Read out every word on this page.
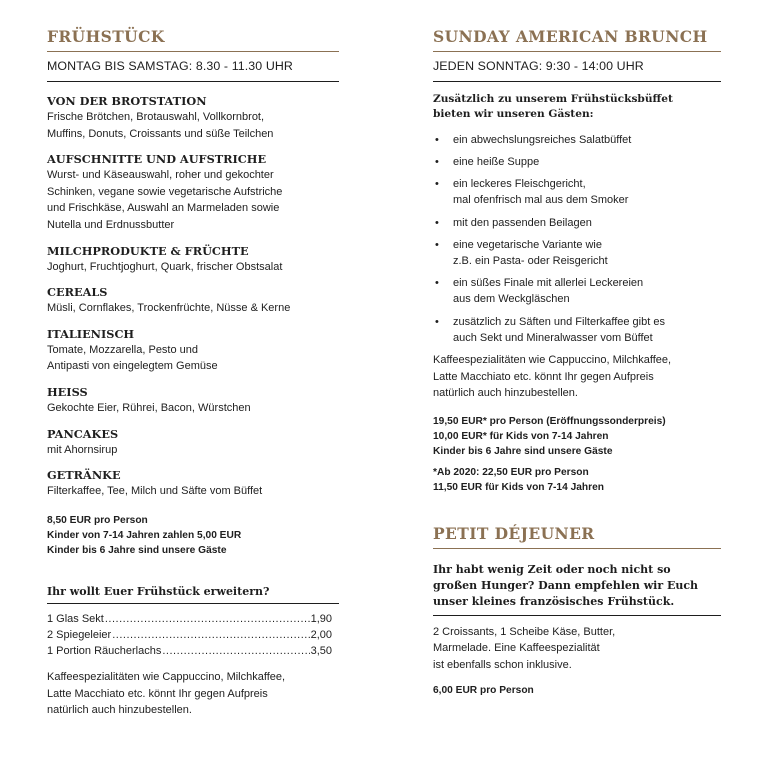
FRÜHSTÜCK
MONTAG BIS SAMSTAG: 8.30 - 11.30 UHR
VON DER BROTSTATION
Frische Brötchen, Brotauswahl, Vollkornbrot,
Muffins, Donuts, Croissants und süße Teilchen
AUFSCHNITTE UND AUFSTRICHE
Wurst- und Käseauswahl, roher und gekochter
Schinken, vegane sowie vegetarische Aufstriche
und Frischkäse, Auswahl an Marmeladen sowie
Nutella und Erdnussbutter
MILCHPRODUKTE & FRÜCHTE
Joghurt, Fruchtjoghurt, Quark, frischer Obstsalat
CEREALS
Müsli, Cornflakes, Trockenfrüchte, Nüsse & Kerne
ITALIENISCH
Tomate, Mozzarella, Pesto und
Antipasti von eingelegtem Gemüse
HEISS
Gekochte Eier, Rührei, Bacon, Würstchen
PANCAKES
mit Ahornsirup
GETRÄNKE
Filterkaffee, Tee, Milch und Säfte vom Büffet
8,50 EUR pro Person
Kinder von 7-14 Jahren zahlen 5,00 EUR
Kinder bis 6 Jahre sind unsere Gäste
Ihr wollt Euer Frühstück erweitern?
1 Glas Sekt .....	1,90
2 Spiegeleier .....	2,00
1 Portion Räucherlachs .....	3,50
Kaffeespezialitäten wie Cappuccino, Milchkaffee,
Latte Macchiato etc. könnt Ihr gegen Aufpreis
natürlich auch hinzubestellen.
SUNDAY AMERICAN BRUNCH
JEDEN SONNTAG: 9:30 - 14:00 UHR
Zusätzlich zu unserem Frühstücksbüffet
bieten wir unseren Gästen:
• ein abwechslungsreiches Salatbüffet
• eine heiße Suppe
• ein leckeres Fleischgericht,
mal ofenfrisch mal aus dem Smoker
• mit den passenden Beilagen
• eine vegetarische Variante wie
z.B. ein Pasta- oder Reisgericht
• ein süßes Finale mit allerlei Leckereien
aus dem Weckgläschen
• zusätzlich zu Säften und Filterkaffee gibt es
auch Sekt und Mineralwasser vom Büffet
Kaffeespezialitäten wie Cappuccino, Milchkaffee,
Latte Macchiato etc. könnt Ihr gegen Aufpreis
natürlich auch hinzubestellen.
19,50 EUR* pro Person (Eröffnungssonderpreis)
10,00 EUR* für Kids von 7-14 Jahren
Kinder bis 6 Jahre sind unsere Gäste
*Ab 2020: 22,50 EUR pro Person
11,50 EUR für Kids von 7-14 Jahren
PETIT DÉJEUNER
Ihr habt wenig Zeit oder noch nicht so
großen Hunger? Dann empfehlen wir Euch
unser kleines französisches Frühstück.
2 Croissants, 1 Scheibe Käse, Butter,
Marmelade. Eine Kaffeespezialität
ist ebenfalls schon inklusive.
6,00 EUR pro Person
